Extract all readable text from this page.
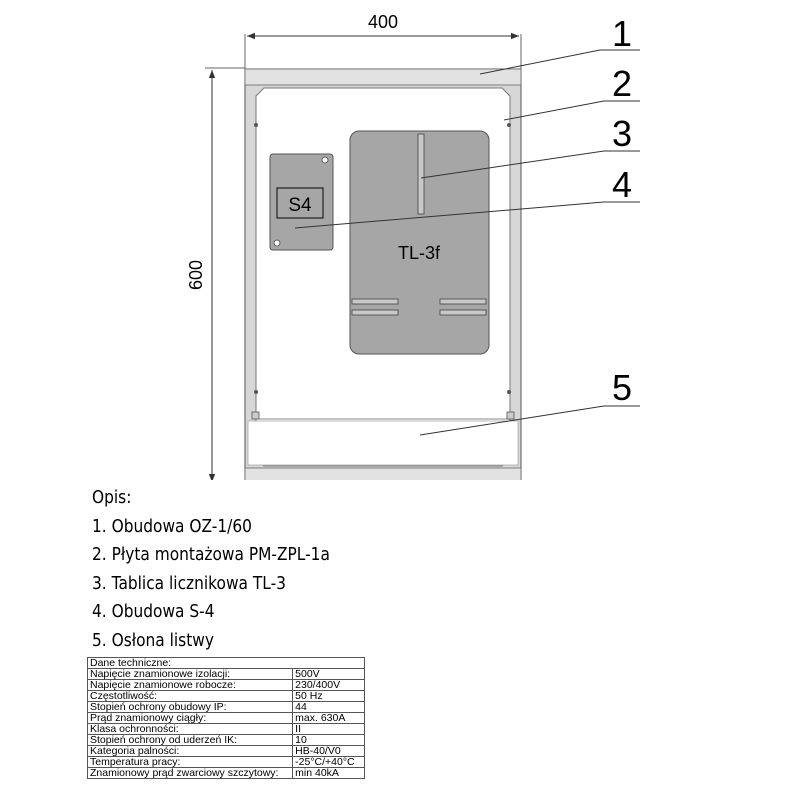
400
600
S4
TL-3f
1
2
3
4
5
Opis:
1. Obudowa OZ-1/60
2. Płyta montażowa PM-ZPL-1a
3. Tablica licznikowa TL-3
4. Obudowa S-4
5. Osłona listwy
Dane techniczne:	
Napięcie znamionowe izolacji:	500V
Napięcie znamionowe robocze:	230/400V
Częstotliwość:	50 Hz
Stopień ochrony obudowy IP:	44
Prąd znamionowy ciągły:	max. 630A
Klasa ochronności:	II
Stopień ochrony od uderzeń IK:	10
Kategoria palności:	HB-40/V0
Temperatura pracy:	-25°C/+40°C
Znamionowy prąd zwarciowy szczytowy:	min 40kA
